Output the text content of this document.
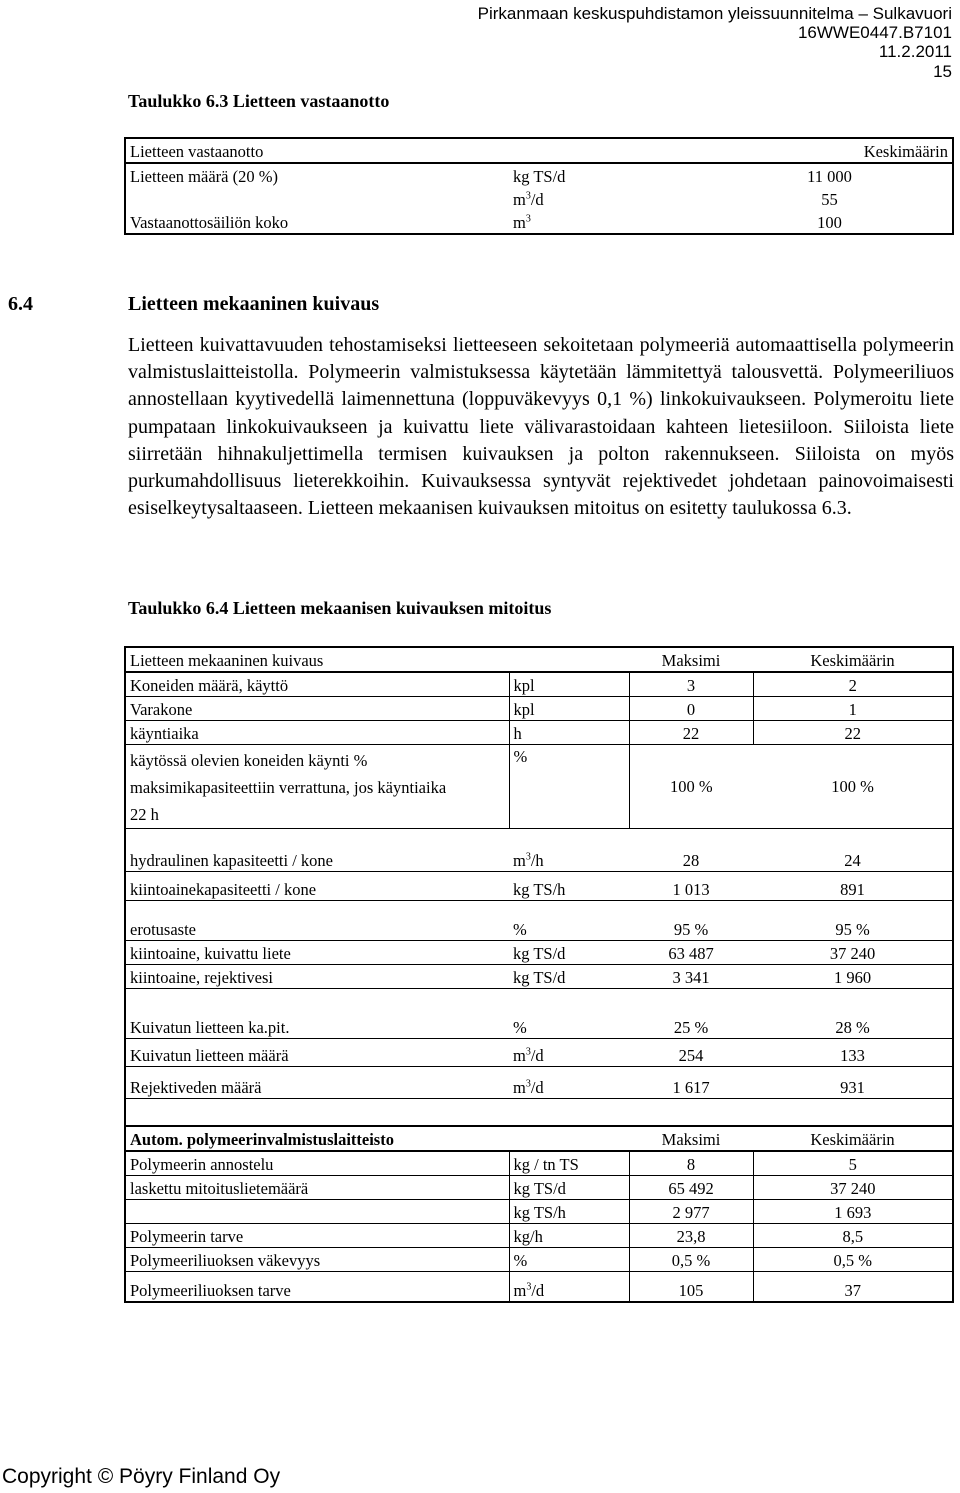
Pirkanmaan keskuspuhdistamon yleissuunnitelma – Sulkavuori
16WWE0447.B7101
11.2.2011
15
Taulukko 6.3 Lietteen vastaanotto
Lietteen vastaanotto			Keskimäärin
Lietteen määrä (20 %)	kg TS/d		11 000
	$m^3/d$		55
Vastaanottosäiliön koko	$m^3$		100
6.4	Lietteen mekaaninen kuivaus

Lietteen kuivattavuuden tehostamiseksi lietteeseen sekoitetaan polymeeriä automaattisella polymeerin valmistuslaitteistolla. Polymeerin valmistuksessa käytetään lämmitettyä talousvettä. Polymeeriliuos annostellaan kyytivedellä laimennettuna (loppuväkevyys 0,1 %) linkokuivaukseen. Polymeroitu liete pumpataan linkokuivaukseen ja kuivattu liete välivarastoidaan kahteen lietesiiloon. Siiloista liete siirretään hihnakuljettimella termisen kuivauksen ja polton rakennukseen. Siiloista on myös purkumahdollisuus lieterekkoihin. Kuivauksessa syntyvät rejektivedet johdetaan painovoimaisesti esiselkeytysaltaaseen. Lietteen mekaanisen kuivauksen mitoitus on esitetty taulukossa 6.3.

Taulukko 6.4 Lietteen mekaanisen kuivauksen mitoitus
Lietteen mekaaninen kuivaus		Maksimi	Keskimäärin
Koneiden määrä, käyttö	kpl	3	2
Varakone	kpl	0	1
käyntiaika	h	22	22

käytössä olevien koneiden käynti %
maksimikapasiteettiin verrattuna, jos käyntiaika
22 h	%	100 %	100 %

hydraulinen kapasiteetti / kone	$m^3/h$	28	24
kiintoainekapasiteetti / kone	kg TS/h	1 013	891

erotusaste	%	95 %	95 %
kiintoaine, kuivattu liete	kg TS/d	63 487	37 240
kiintoaine, rejektivesi	kg TS/d	3 341	1 960

Kuivatun lietteen ka.pit.	%	25 %	28 %
Kuivatun lietteen määrä	$m^3/d$	254	133
Rejektiveden määrä	$m^3/d$	1 617	931

Autom. polymeerinvalmistuslaitteisto		Maksimi	Keskimäärin
Polymeerin annostelu	kg / tn TS	8	5
laskettu mitoituslietemäärä	kg TS/d	65 492	37 240
	kg TS/h	2 977	1 693
Polymeerin tarve	kg/h	23,8	8,5
Polymeeriliuoksen väkevyys	%	0,5 %	0,5 %
Polymeeriliuoksen tarve	$m^3/d$	105	37
Copyright © Pöyry Finland Oy
